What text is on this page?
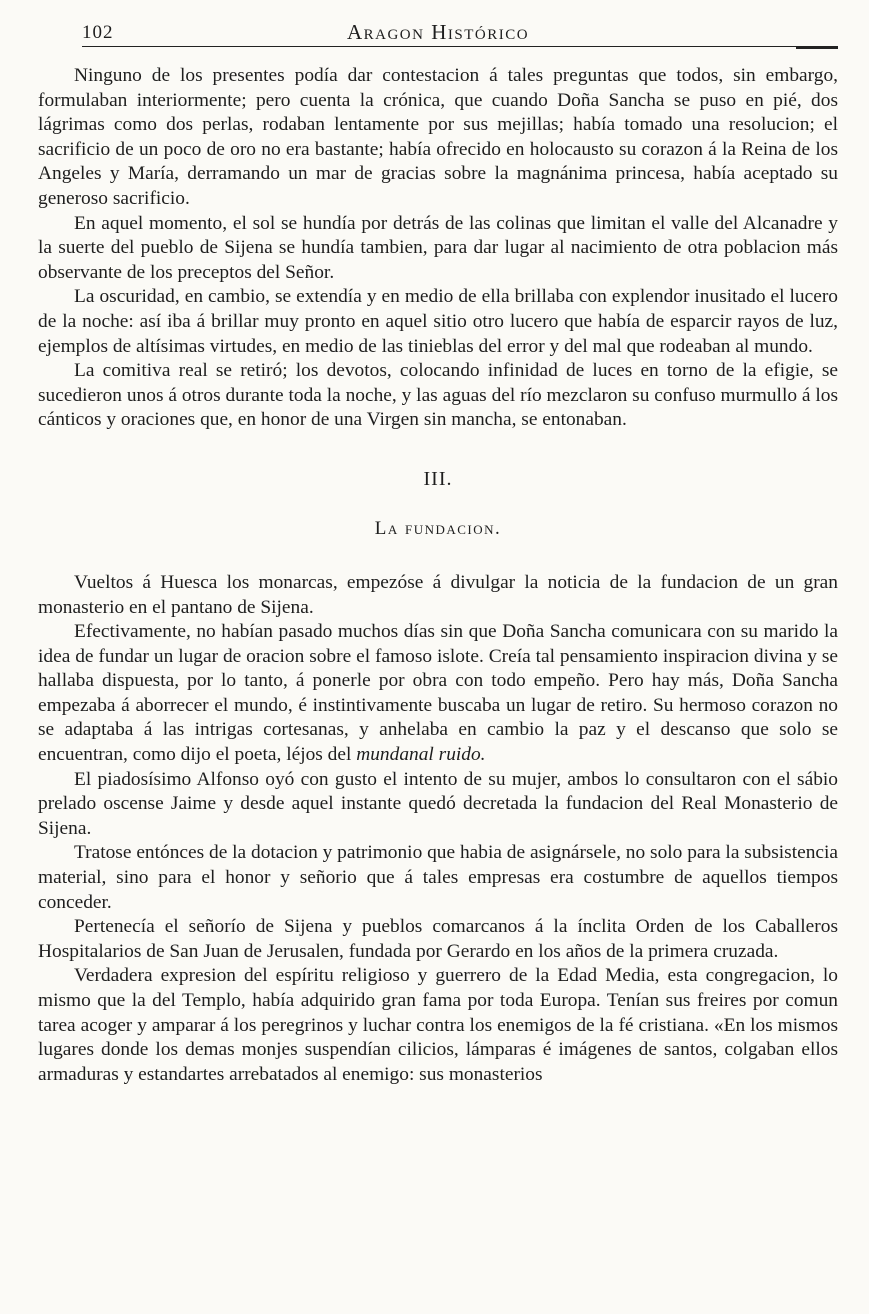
102	Aragon Histórico

Ninguno de los presentes podía dar contestacion á tales preguntas que todos, sin embargo, formulaban interiormente; pero cuenta la crónica, que cuando Doña Sancha se puso en pié, dos lágrimas como dos perlas, rodaban lentamente por sus mejillas; había tomado una resolucion; el sacrificio de un poco de oro no era bastante; había ofrecido en holocausto su corazon á la Reina de los Angeles y María, derramando un mar de gracias sobre la magnánima princesa, había aceptado su generoso sacrificio.

En aquel momento, el sol se hundía por detrás de las colinas que limitan el valle del Alcanadre y la suerte del pueblo de Sijena se hundía tambien, para dar lugar al nacimiento de otra poblacion más observante de los preceptos del Señor.

La oscuridad, en cambio, se extendía y en medio de ella brillaba con explendor inusitado el lucero de la noche: así iba á brillar muy pronto en aquel sitio otro lucero que había de esparcir rayos de luz, ejemplos de altísimas virtudes, en medio de las tinieblas del error y del mal que rodeaban al mundo.

La comitiva real se retiró; los devotos, colocando infinidad de luces en torno de la efigie, se sucedieron unos á otros durante toda la noche, y las aguas del río mezclaron su confuso murmullo á los cánticos y oraciones que, en honor de una Virgen sin mancha, se entonaban.

III.
La fundacion.

Vueltos á Huesca los monarcas, empezóse á divulgar la noticia de la fundacion de un gran monasterio en el pantano de Sijena.

Efectivamente, no habían pasado muchos días sin que Doña Sancha comunicara con su marido la idea de fundar un lugar de oracion sobre el famoso islote. Creía tal pensamiento inspiracion divina y se hallaba dispuesta, por lo tanto, á ponerle por obra con todo empeño. Pero hay más, Doña Sancha empezaba á aborrecer el mundo, é instintivamente buscaba un lugar de retiro. Su hermoso corazon no se adaptaba á las intrigas cortesanas, y anhelaba en cambio la paz y el descanso que solo se encuentran, como dijo el poeta, léjos del mundanal ruido.

El piadosísimo Alfonso oyó con gusto el intento de su mujer, ambos lo consultaron con el sábio prelado oscense Jaime y desde aquel instante quedó decretada la fundacion del Real Monasterio de Sijena.

Tratose entónces de la dotacion y patrimonio que habia de asignársele, no solo para la subsistencia material, sino para el honor y señorio que á tales empresas era costumbre de aquellos tiempos conceder.

Pertenecía el señorío de Sijena y pueblos comarcanos á la ínclita Orden de los Caballeros Hospitalarios de San Juan de Jerusalen, fundada por Gerardo en los años de la primera cruzada.

Verdadera expresion del espíritu religioso y guerrero de la Edad Media, esta congregacion, lo mismo que la del Templo, había adquirido gran fama por toda Europa. Tenían sus freires por comun tarea acoger y amparar á los peregrinos y luchar contra los enemigos de la fé cristiana. «En los mismos lugares donde los demas monjes suspendían cilicios, lámparas é imágenes de santos, colgaban ellos armaduras y estandartes arrebatados al enemigo: sus monasterios
